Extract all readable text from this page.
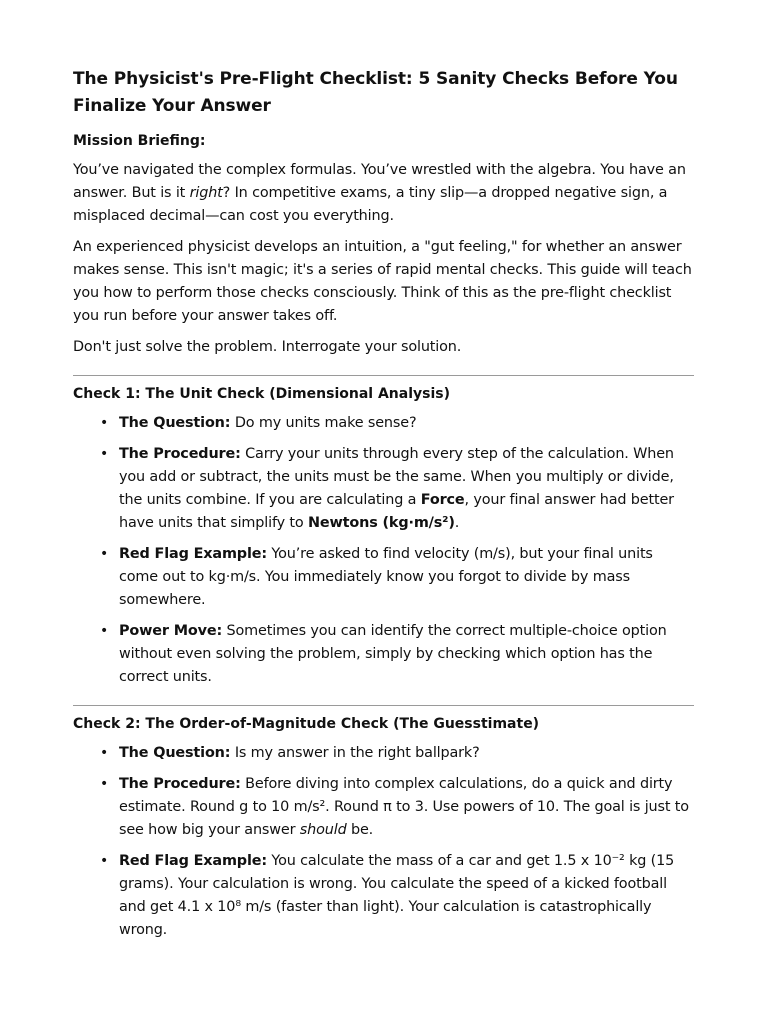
The Physicist's Pre-Flight Checklist: 5 Sanity Checks Before You
Finalize Your Answer
Mission Briefing:

You’ve navigated the complex formulas. You’ve wrestled with the algebra. You have an answer. But is it right? In competitive exams, a tiny slip—a dropped negative sign, a misplaced decimal—can cost you everything.

An experienced physicist develops an intuition, a "gut feeling," for whether an answer makes sense. This isn't magic; it's a series of rapid mental checks. This guide will teach you how to perform those checks consciously. Think of this as the pre-flight checklist you run before your answer takes off.

Don't just solve the problem. Interrogate your solution.

Check 1: The Unit Check (Dimensional Analysis)
• The Question: Do my units make sense?
• The Procedure: Carry your units through every step of the calculation. When you add or subtract, the units must be the same. When you multiply or divide, the units combine. If you are calculating a Force, your final answer had better have units that simplify to Newtons (kg·m/s²).
• Red Flag Example: You’re asked to find velocity (m/s), but your final units come out to kg·m/s. You immediately know you forgot to divide by mass somewhere.
• Power Move: Sometimes you can identify the correct multiple-choice option without even solving the problem, simply by checking which option has the correct units.
Check 2: The Order-of-Magnitude Check (The Guesstimate)
• The Question: Is my answer in the right ballpark?
• The Procedure: Before diving into complex calculations, do a quick and dirty estimate. Round g to 10 m/s². Round π to 3. Use powers of 10. The goal is just to see how big your answer should be.
• Red Flag Example: You calculate the mass of a car and get 1.5 x 10⁻² kg (15 grams). Your calculation is wrong. You calculate the speed of a kicked football and get 4.1 x 10⁸ m/s (faster than light). Your calculation is catastrophically wrong.
